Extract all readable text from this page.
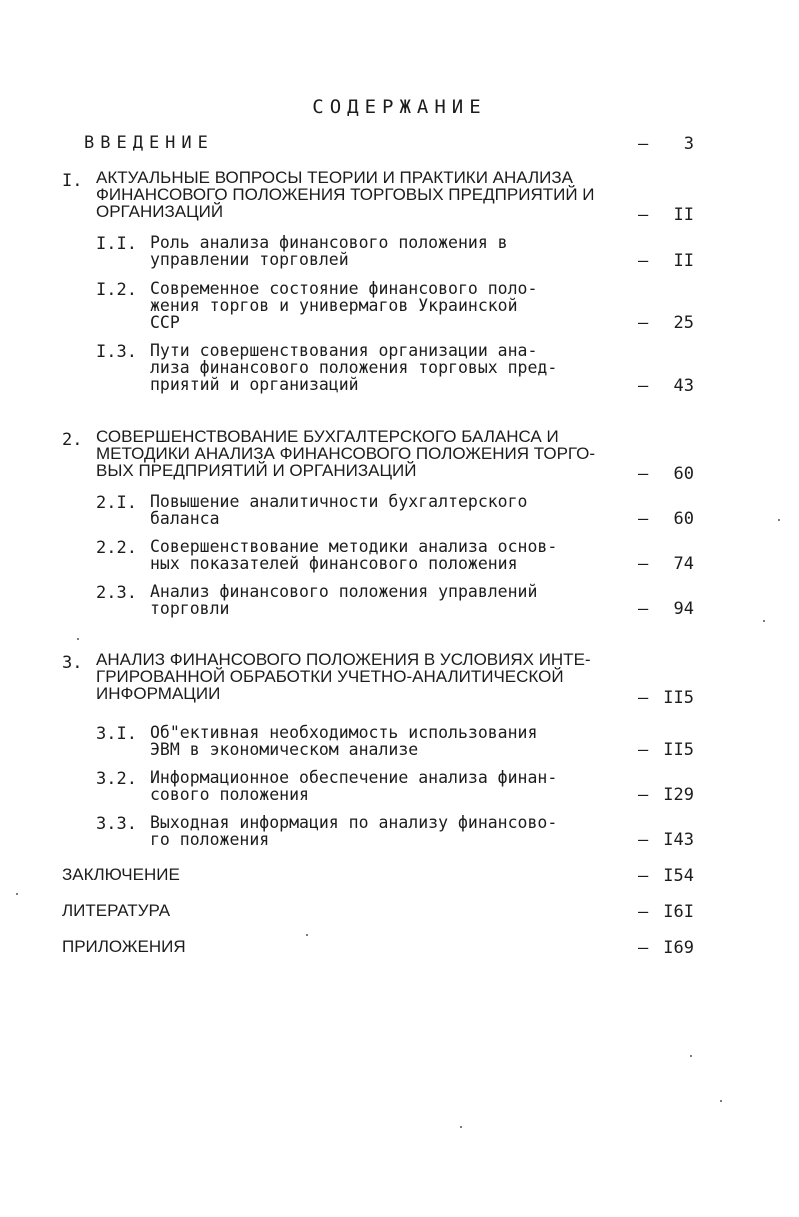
СОДЕРЖАНИЕ
ВВЕДЕНИЕ	–	3
I. АКТУАЛЬНЫЕ ВОПРОСЫ ТЕОРИИ И ПРАКТИКИ АНАЛИЗА
ФИНАНСОВОГО ПОЛОЖЕНИЯ ТОРГОВЫХ ПРЕДПРИЯТИЙ И
ОРГАНИЗАЦИЙ	–	II
I.I. Роль анализа финансового положения в
управлении торговлей	–	II
I.2. Современное состояние финансового поло-
жения торгов и универмагов Украинской
ССР	–	25
I.3. Пути совершенствования организации ана-
лиза финансового положения торговых пред-
приятий и организаций	–	43
2. СОВЕРШЕНСТВОВАНИЕ БУХГАЛТЕРСКОГО БАЛАНСА И
МЕТОДИКИ АНАЛИЗА ФИНАНСОВОГО ПОЛОЖЕНИЯ ТОРГО-
ВЫХ ПРЕДПРИЯТИЙ И ОРГАНИЗАЦИЙ	–	60
2.I. Повышение аналитичности бухгалтерского
баланса	–	60
2.2. Совершенствование методики анализа основ-
ных показателей финансового положения	–	74
2.3. Анализ финансового положения управлений
торговли	–	94
3. АНАЛИЗ ФИНАНСОВОГО ПОЛОЖЕНИЯ В УСЛОВИЯХ ИНТЕ-
ГРИРОВАННОЙ ОБРАБОТКИ УЧЕТНО-АНАЛИТИЧЕСКОЙ
ИНФОРМАЦИИ	– II5
3.I. Об"ективная необходимость использования
ЭВМ в экономическом анализе	– II5
3.2. Информационное обеспечение анализа финан-
сового положения	– I29
3.3. Выходная информация по анализу финансово-
го положения	– I43
ЗАКЛЮЧЕНИЕ	– I54
ЛИТЕРАТУРА	– I6I
ПРИЛОЖЕНИЯ	– I69
